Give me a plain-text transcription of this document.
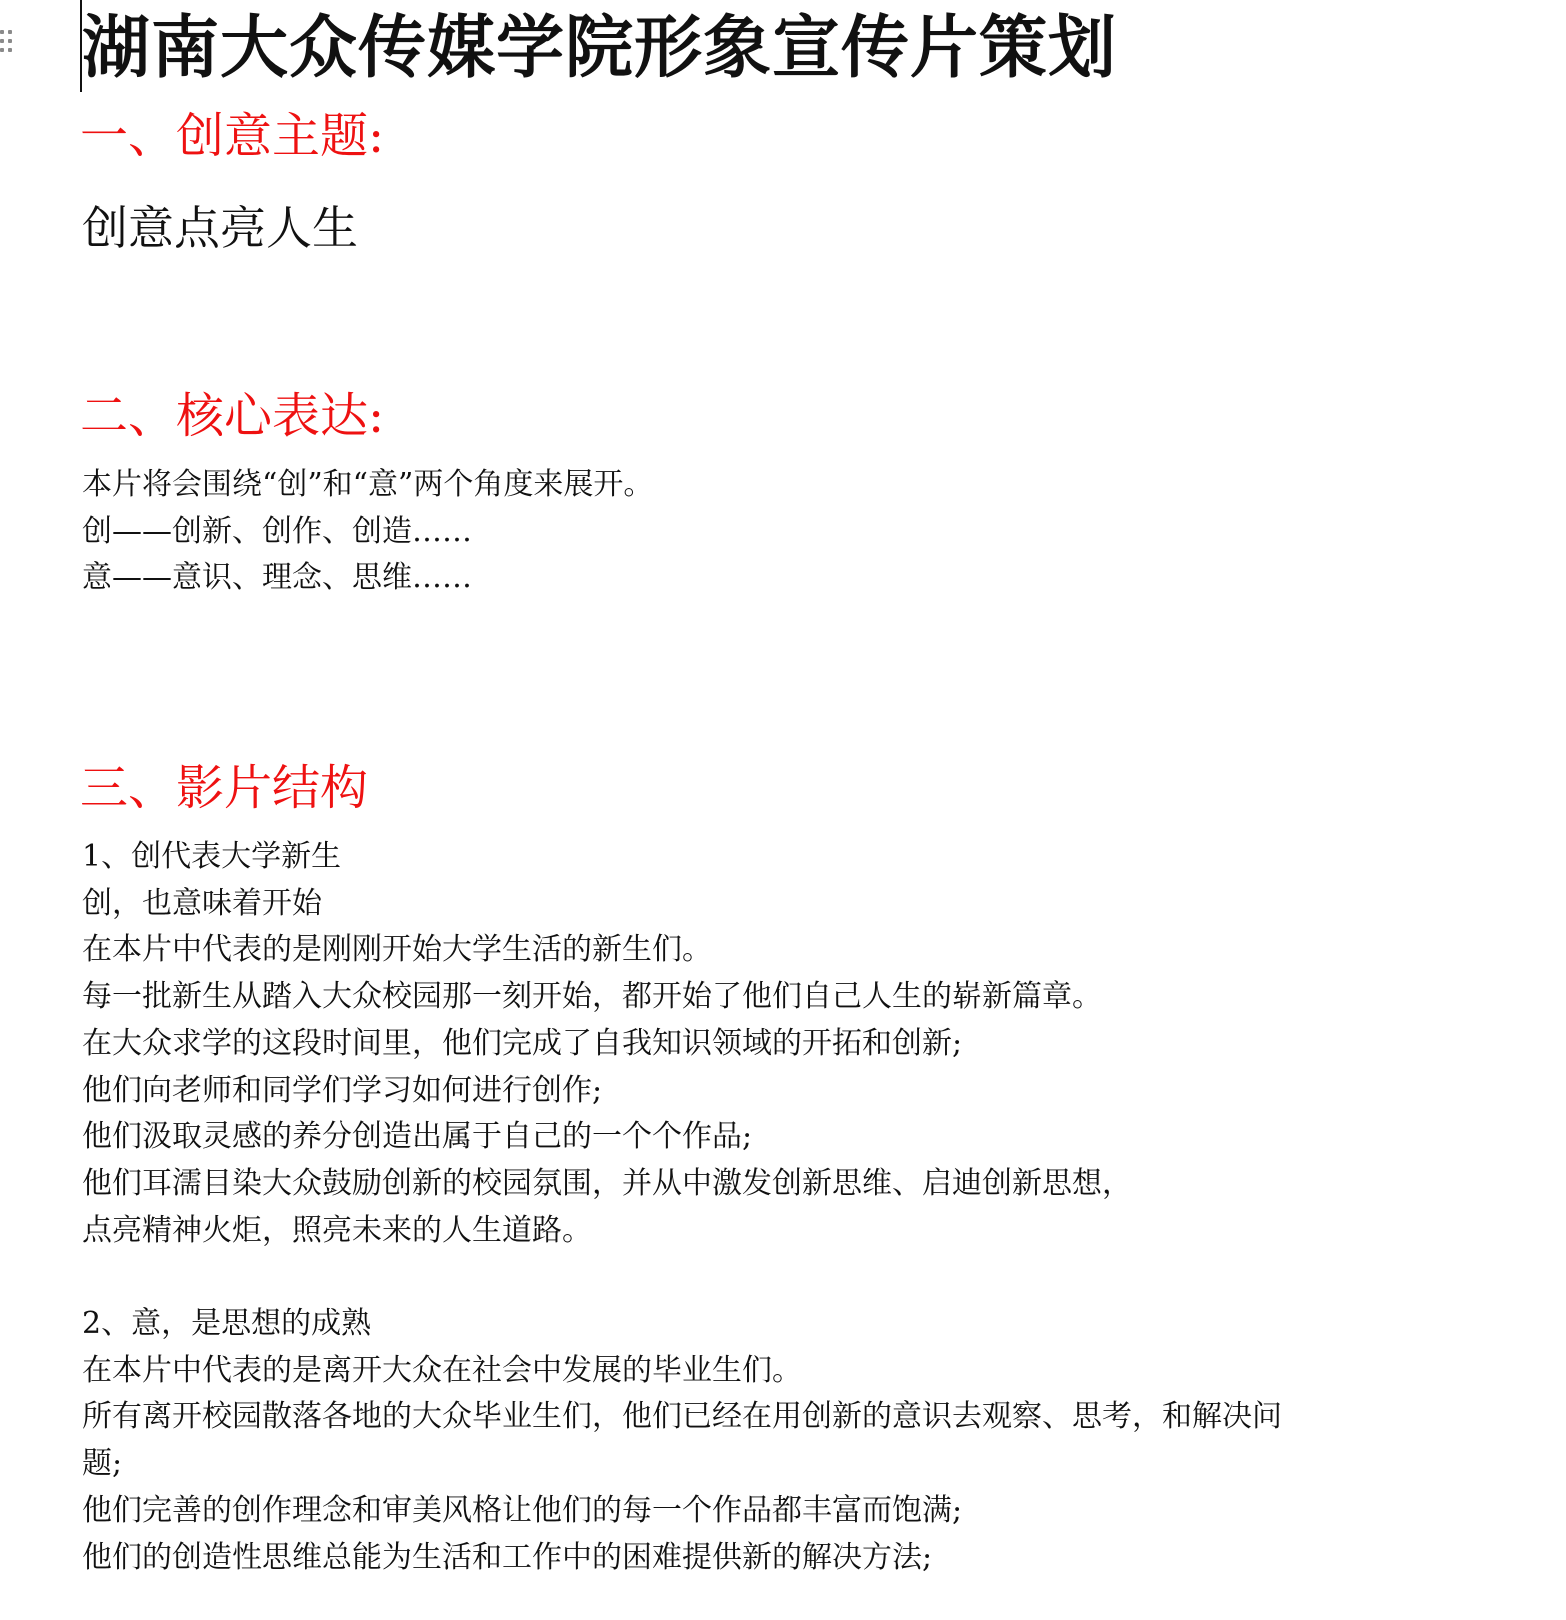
湖南大众传媒学院形象宣传片策划
一、创意主题:

创意点亮人生

二、核心表达:

本片将会围绕“创”和“意”两个角度来展开。

创——创新、创作、创造……

意——意识、理念、思维……

三、影片结构

1、创代表大学新生

创，也意味着开始

在本片中代表的是刚刚开始大学生活的新生们。

每一批新生从踏入大众校园那一刻开始，都开始了他们自己人生的崭新篇章。

在大众求学的这段时间里，他们完成了自我知识领域的开拓和创新;

他们向老师和同学们学习如何进行创作;

他们汲取灵感的养分创造出属于自己的一个个作品;

他们耳濡目染大众鼓励创新的校园氛围，并从中激发创新思维、启迪创新思想，

点亮精神火炬，照亮未来的人生道路。

2、意，是思想的成熟

在本片中代表的是离开大众在社会中发展的毕业生们。

所有离开校园散落各地的大众毕业生们，他们已经在用创新的意识去观察、思考，和解决问题;

他们完善的创作理念和审美风格让他们的每一个作品都丰富而饱满;

他们的创造性思维总能为生活和工作中的困难提供新的解决方法;
